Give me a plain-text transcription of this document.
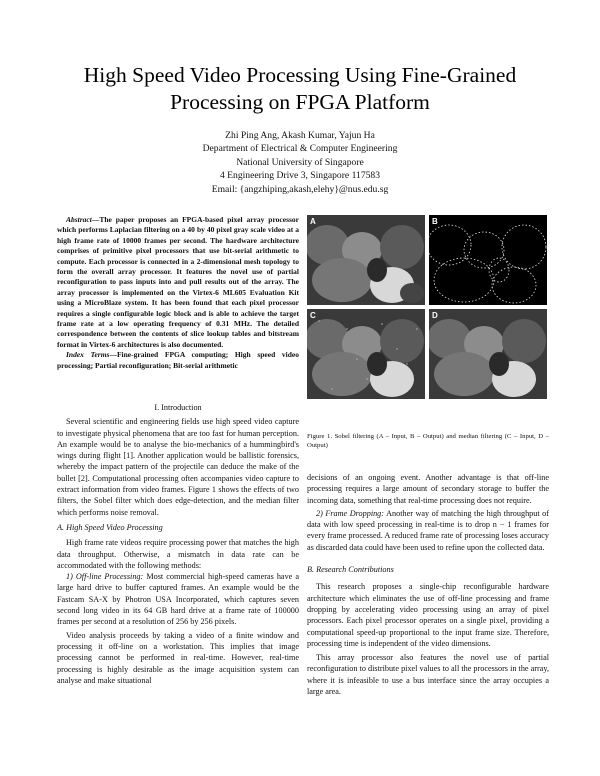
High Speed Video Processing Using Fine-Grained Processing on FPGA Platform
Zhi Ping Ang, Akash Kumar, Yajun Ha
Department of Electrical & Computer Engineering
National University of Singapore
4 Engineering Drive 3, Singapore 117583
Email: {angzhiping,akash,elehy}@nus.edu.sg

Abstract—The paper proposes an FPGA-based pixel array processor which performs Laplacian filtering on a 40 by 40 pixel gray scale video at a high frame rate of 10000 frames per second. The hardware architecture comprises of primitive pixel processors that use bit-serial arithmetic to compute. Each processor is connected in a 2-dimensional mesh topology to form the overall array processor. It features the novel use of partial reconfiguration to pass inputs into and pull results out of the array. The array processor is implemented on the Virtex-6 ML605 Evaluation Kit using a MicroBlaze system. It has been found that each pixel processor requires a single configurable logic block and is able to achieve the target frame rate at a low operating frequency of 0.31 MHz. The detailed correspondence between the contents of slice lookup tables and bitstream format in Virtex-6 architectures is also documented.

Index Terms—Fine-grained FPGA computing; High speed video processing; Partial reconfiguration; Bit-serial arithmetic

I. Introduction

Several scientific and engineering fields use high speed video capture to investigate physical phenomena that are too fast for human perception. An example would be to analyse the bio-mechanics of a hummingbird's wings during flight [1]. Another application would be ballistic forensics, whereby the impact pattern of the projectile can deduce the make of the bullet [2]. Computational processing often accompanies video capture to extract information from video frames. Figure 1 shows the effects of two filters, the Sobel filter which does edge-detection, and the median filter which performs noise removal.

A. High Speed Video Processing

High frame rate videos require processing power that matches the high data throughput. Otherwise, a mismatch in data rate can be accommodated with the following methods:

1) Off-line Processing: Most commercial high-speed cameras have a large hard drive to buffer captured frames. An example would be the Fastcam SA-X by Photron USA Incorporated, which captures seven second long video in its 64 GB hard drive at a frame rate of 100000 frames per second at a resolution of 256 by 256 pixels.

Video analysis proceeds by taking a video of a finite window and processing it off-line on a workstation. This implies that image processing cannot be performed in real-time. However, real-time processing is highly desirable as the image acquisition system can analyse and make situational

A	B
C	D
Figure 1. Sobel filtering (A – Input, B – Output) and median filtering (C – Input, D – Output)

decisions of an ongoing event. Another advantage is that off-line processing requires a large amount of secondary storage to buffer the incoming data, something that real-time processing does not require.

2) Frame Dropping: Another way of matching the high throughput of data with low speed processing in real-time is to drop n − 1 frames for every frame processed. A reduced frame rate of processing loses accuracy as discarded data could have been used to refine upon the collected data.

B. Research Contributions

This research proposes a single-chip reconfigurable hardware architecture which eliminates the use of off-line processing and frame dropping by accelerating video processing using an array of pixel processors. Each pixel processor operates on a single pixel, providing a computational speed-up proportional to the input frame size. Therefore, processing time is independent of the video dimensions.

This array processor also features the novel use of partial reconfiguration to distribute pixel values to all the processors in the array, where it is infeasible to use a bus interface since the array occupies a large area.
